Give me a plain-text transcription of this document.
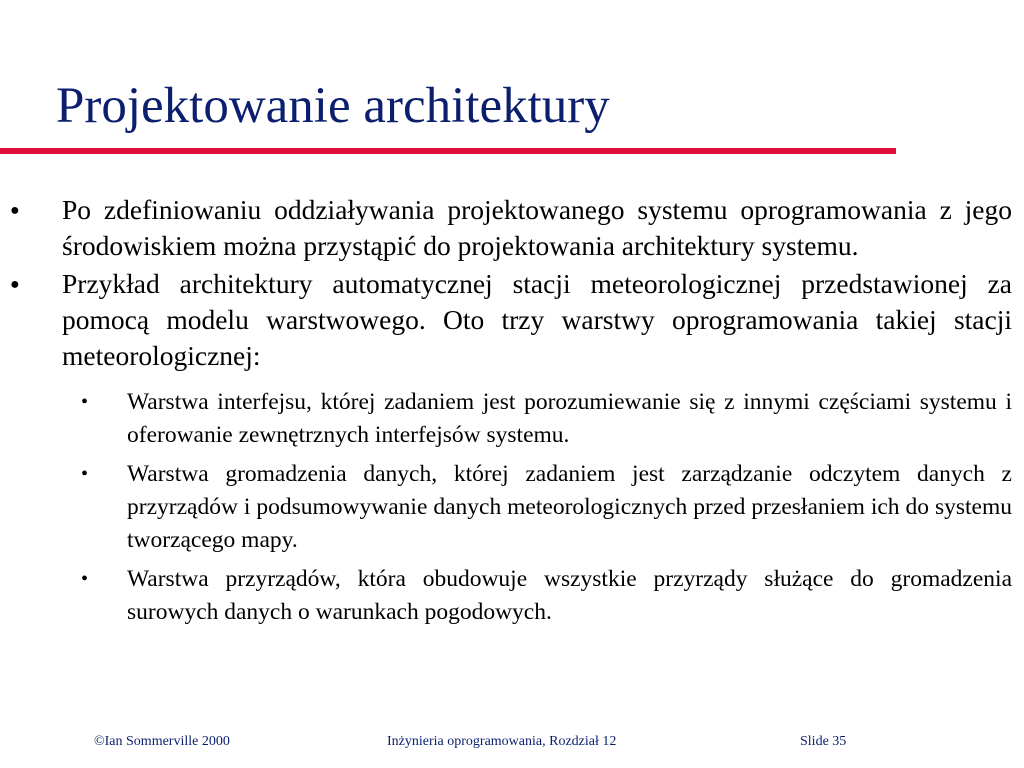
Projektowanie architektury
● Po zdefiniowaniu oddziaływania projektowanego systemu oprogramowania z jego środowiskiem można przystąpić do projektowania architektury systemu.
● Przykład architektury automatycznej stacji meteorologicznej przedstawionej za pomocą modelu warstwowego. Oto trzy warstwy oprogramowania takiej stacji meteorologicznej:
• Warstwa interfejsu, której zadaniem jest porozumiewanie się z innymi częściami systemu i oferowanie zewnętrznych interfejsów systemu.
• Warstwa gromadzenia danych, której zadaniem jest zarządzanie odczytem danych z przyrządów i podsumowywanie danych meteorologicznych przed przesłaniem ich do systemu tworzącego mapy.
• Warstwa przyrządów, która obudowuje wszystkie przyrządy służące do gromadzenia surowych danych o warunkach pogodowych.
©Ian Sommerville 2000	Inżynieria oprogramowania, Rozdział 12	Slide 35
